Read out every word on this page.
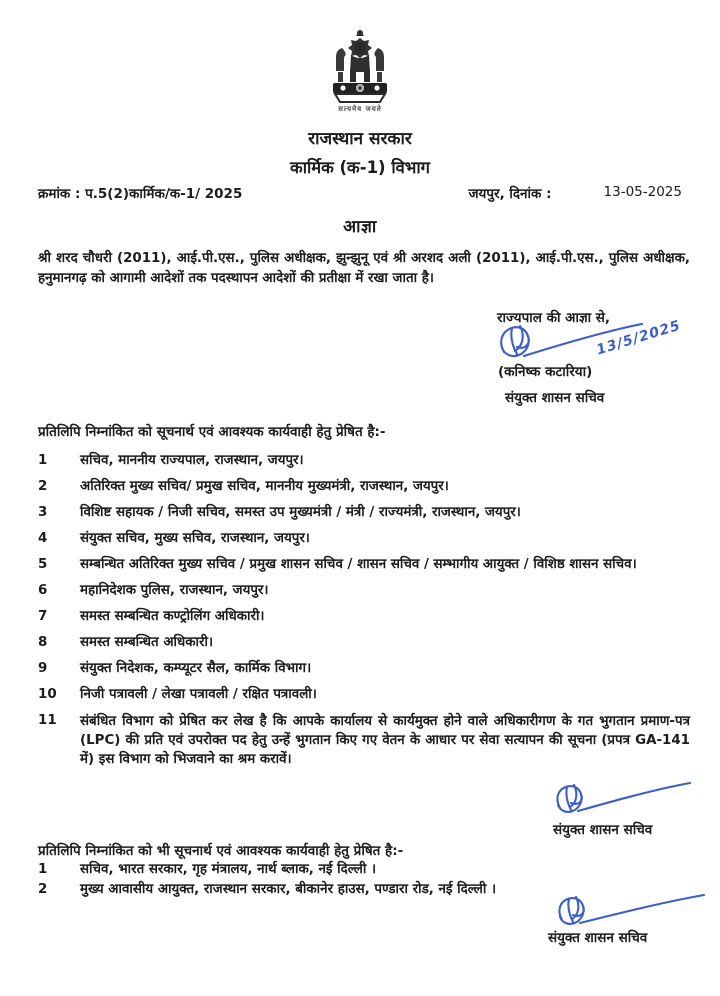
सत्यमेव जयते
राजस्थान सरकार
कार्मिक (क-1) विभाग
क्रमांक : प.5(2)कार्मिक/क-1/ 2025	जयपुर, दिनांक :	13-05-2025
आज्ञा
श्री शरद चौधरी (2011), आई.पी.एस., पुलिस अधीक्षक, झुन्झुनू एवं श्री अरशद अली (2011), आई.पी.एस., पुलिस अधीक्षक, हनुमानगढ़ को आगामी आदेशों तक पदस्थापन आदेशों की प्रतीक्षा में रखा जाता है।
राज्यपाल की आज्ञा से,
13/5/2025
(कनिष्क कटारिया)
संयुक्त शासन सचिव
प्रतिलिपि निम्नांकित को सूचनार्थ एवं आवश्यक कार्यवाही हेतु प्रेषित है:-
1	सचिव, माननीय राज्यपाल, राजस्थान, जयपुर।
2	अतिरिक्त मुख्य सचिव/ प्रमुख सचिव, माननीय मुख्यमंत्री, राजस्थान, जयपुर।
3	विशिष्ट सहायक / निजी सचिव, समस्त उप मुख्यमंत्री / मंत्री / राज्यमंत्री, राजस्थान, जयपुर।
4	संयुक्त सचिव, मुख्य सचिव, राजस्थान, जयपुर।
5	सम्बन्धित अतिरिक्त मुख्य सचिव / प्रमुख शासन सचिव / शासन सचिव / सम्भागीय आयुक्त / विशिष्ठ शासन सचिव।
6	महानिदेशक पुलिस, राजस्थान, जयपुर।
7	समस्त सम्बन्धित कण्ट्रोलिंग अधिकारी।
8	समस्त सम्बन्धित अधिकारी।
9	संयुक्त निदेशक, कम्प्यूटर सैल, कार्मिक विभाग।
10	निजी पत्रावली / लेखा पत्रावली / रक्षित पत्रावली।
11	संबंधित विभाग को प्रेषित कर लेख है कि आपके कार्यालय से कार्यमुक्त होने वाले अधिकारीगण के गत भुगतान प्रमाण-पत्र (LPC) की प्रति एवं उपरोक्त पद हेतु उन्हें भुगतान किए गए वेतन के आधार पर सेवा सत्यापन की सूचना (प्रपत्र GA-141 में) इस विभाग को भिजवाने का श्रम करावें।
संयुक्त शासन सचिव
प्रतिलिपि निम्नांकित को भी सूचनार्थ एवं आवश्यक कार्यवाही हेतु प्रेषित है:-
1	सचिव, भारत सरकार, गृह मंत्रालय, नार्थ ब्लाक, नई दिल्ली ।
2	मुख्य आवासीय आयुक्त, राजस्थान सरकार, बीकानेर हाउस, पण्डारा रोड, नई दिल्ली ।
संयुक्त शासन सचिव
